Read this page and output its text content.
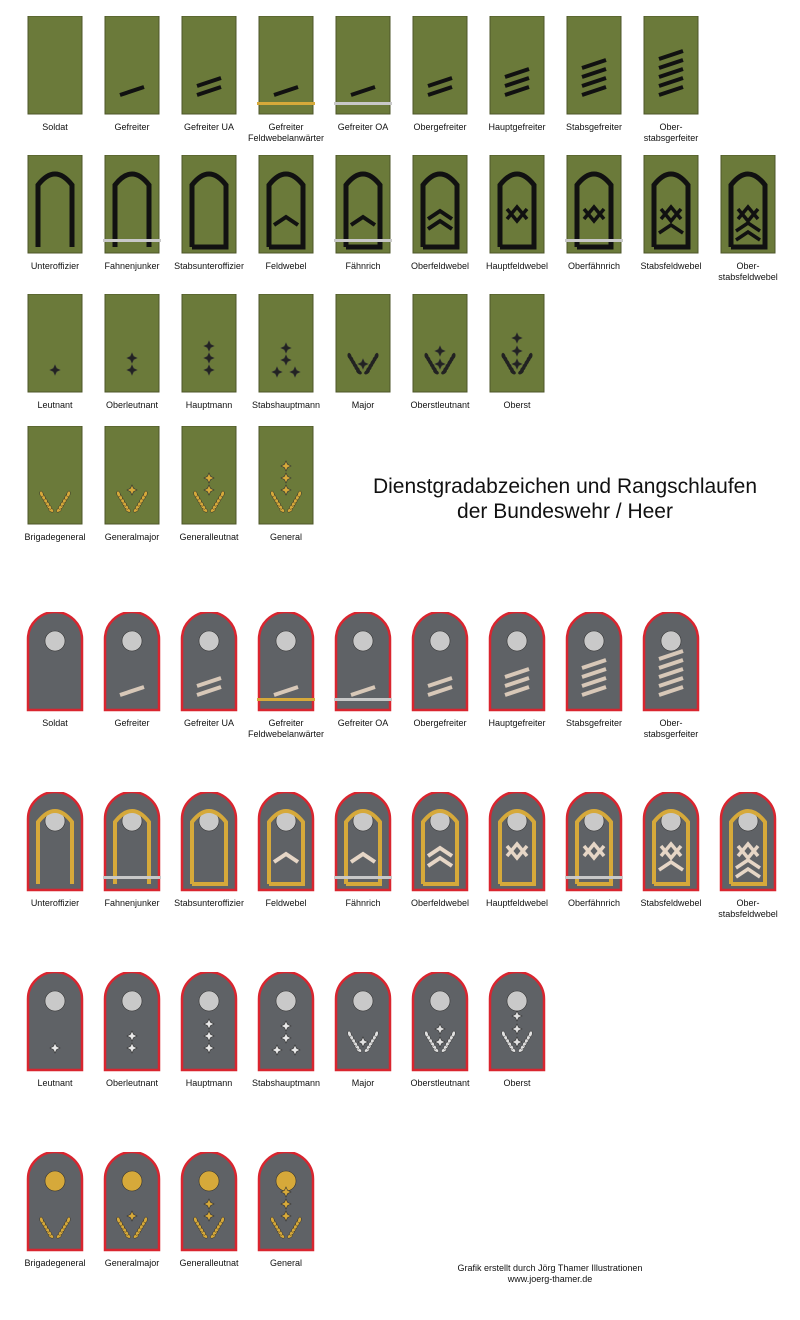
Soldat	Gefreiter	Gefreiter UA	Gefreiter
Feldwebelanwärter
Gefreiter OA	Obergefreiter	Hauptgefreiter	Stabsgefreiter	Ober-
stabsgerfeiter
Unteroffizier	Fahnenjunker	Stabsunteroffizier	Feldwebel	Fähnrich	Oberfeldwebel	Hauptfeldwebel	Oberfähnrich	Stabsfeldwebel	Ober-
stabsfeldwebel
Leutnant	Oberleutnant	Hauptmann	Stabshauptmann	Major	Oberstleutnant	Oberst
Brigadegeneral	Generalmajor	Generalleutnat	General
Soldat	Gefreiter	Gefreiter UA	Gefreiter
Feldwebelanwärter
Gefreiter OA	Obergefreiter	Hauptgefreiter	Stabsgefreiter	Ober-
stabsgerfeiter
Unteroffizier	Fahnenjunker	Stabsunteroffizier	Feldwebel	Fähnrich	Oberfeldwebel	Hauptfeldwebel	Oberfähnrich	Stabsfeldwebel	Ober-
stabsfeldwebel
Leutnant	Oberleutnant	Hauptmann	Stabshauptmann	Major	Oberstleutnant	Oberst
Brigadegeneral	Generalmajor	Generalleutnat	General
Dienstgradabzeichen und Rangschlaufen
der Bundeswehr / Heer
Grafik erstellt durch Jörg Thamer Illustrationen
www.joerg-thamer.de
